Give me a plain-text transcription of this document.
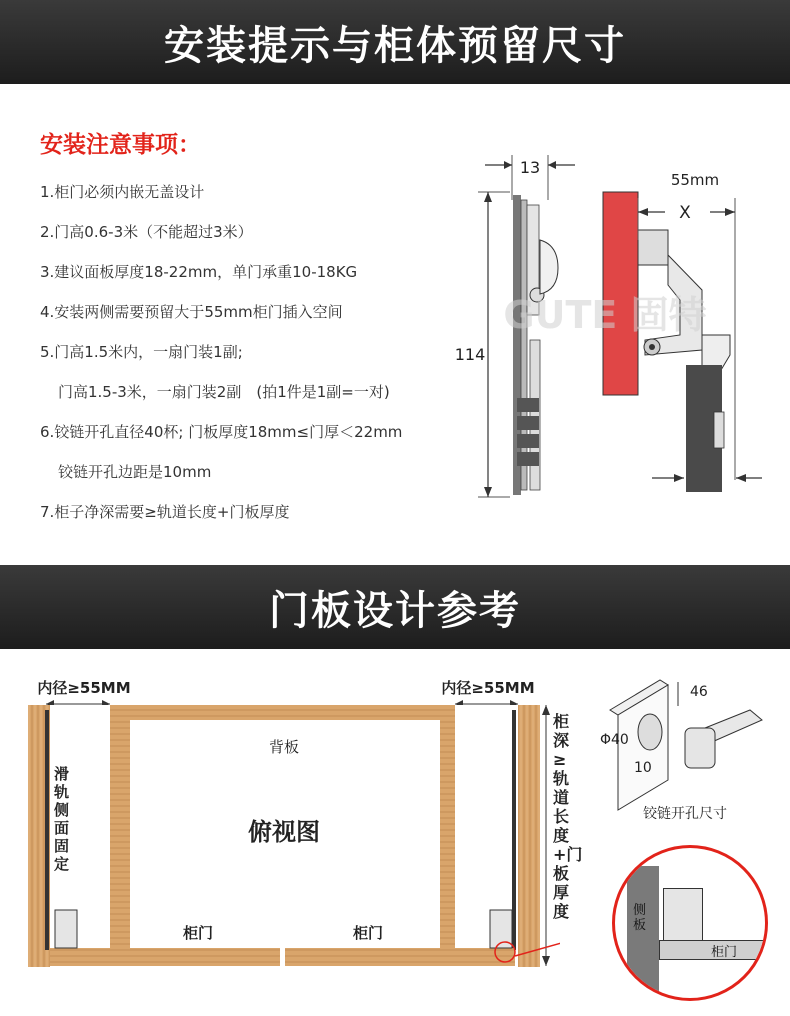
安装提示与柜体预留尺寸
安装注意事项：
1.柜门必须内嵌无盖设计
2.门高0.6-3米（不能超过3米）
3.建议面板厚度18-22mm，单门承重10-18KG
4.安装两侧需要预留大于55mm柜门插入空间
5.门高1.5米内，一扇门装1副;
门高1.5-3米，一扇门装2副　(拍1件是1副=一对)
6.铰链开孔直径40杯; 门板厚度18mm≤门厚＜22mm
铰链开孔边距是10mm
7.柜子净深需要≥轨道长度+门板厚度
13
114
55mm
X
GUTE 固特
门板设计参考
内径≥55MM	内径≥55MM
背板
俯视图
柜门	柜门
滑轨侧面固定
柜深≥轨道长度+门板厚度
46
Φ40
10
铰链开孔尺寸
侧板
柜门
